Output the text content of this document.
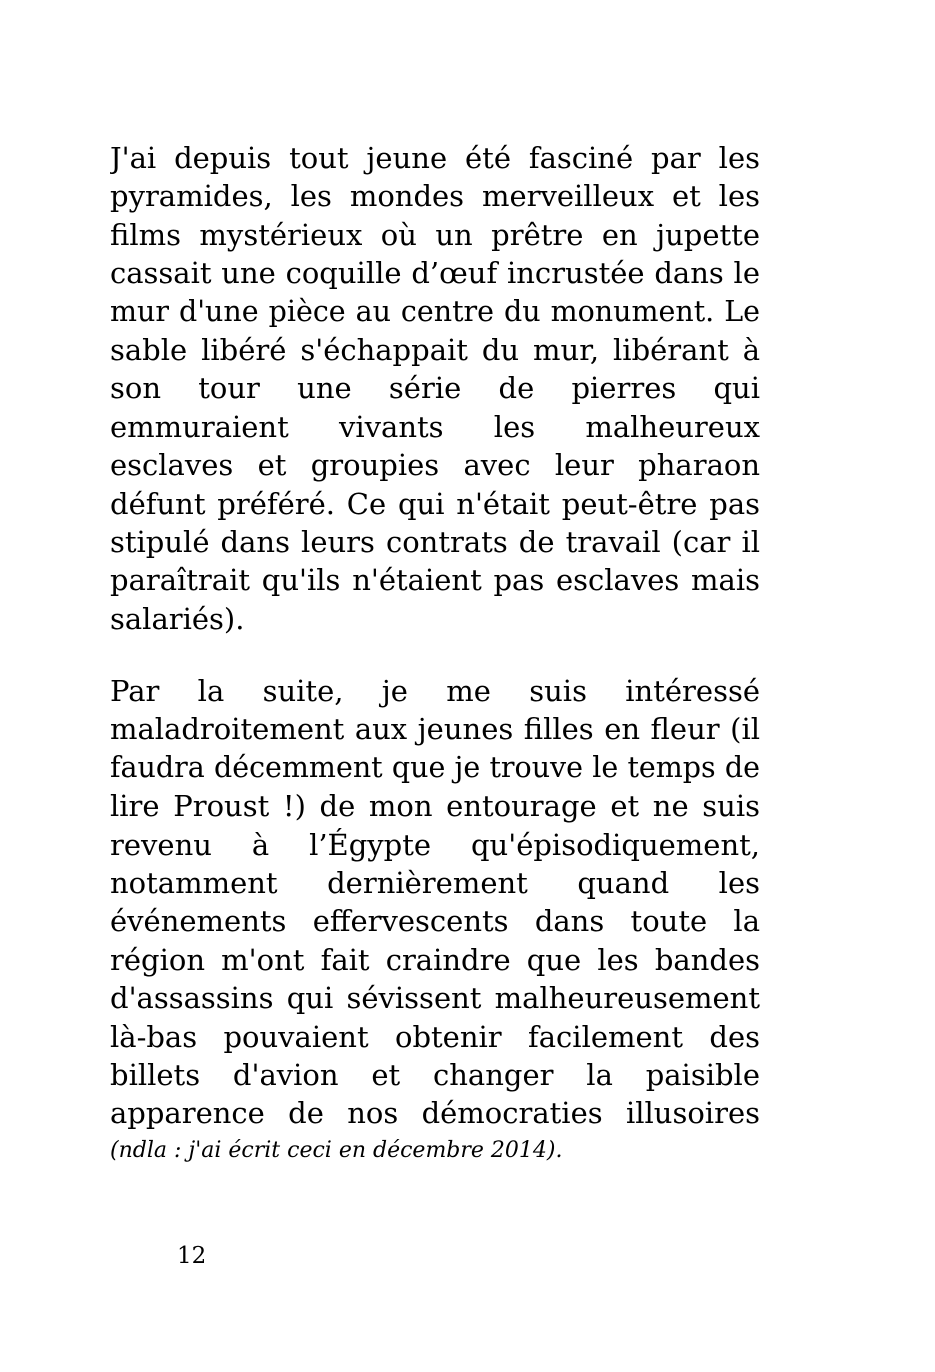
J'ai depuis tout jeune été fasciné par les
pyramides, les mondes merveilleux et les
films mystérieux où un prêtre en jupette
cassait une coquille d’œuf incrustée dans le
mur d'une pièce au centre du monument. Le
sable libéré s'échappait du mur, libérant à
son tour une série de pierres qui
emmuraient vivants les malheureux
esclaves et groupies avec leur pharaon
défunt préféré. Ce qui n'était peut-être pas
stipulé dans leurs contrats de travail (car il
paraîtrait qu'ils n'étaient pas esclaves mais
salariés).
Par la suite, je me suis intéressé
maladroitement aux jeunes filles en fleur (il
faudra décemment que je trouve le temps de
lire Proust !) de mon entourage et ne suis
revenu à l’Égypte qu'épisodiquement,
notamment dernièrement quand les
événements effervescents dans toute la
région m'ont fait craindre que les bandes
d'assassins qui sévissent malheureusement
là-bas pouvaient obtenir facilement des
billets d'avion et changer la paisible
apparence de nos démocraties illusoires
(ndla : j'ai écrit ceci en décembre 2014).
12
